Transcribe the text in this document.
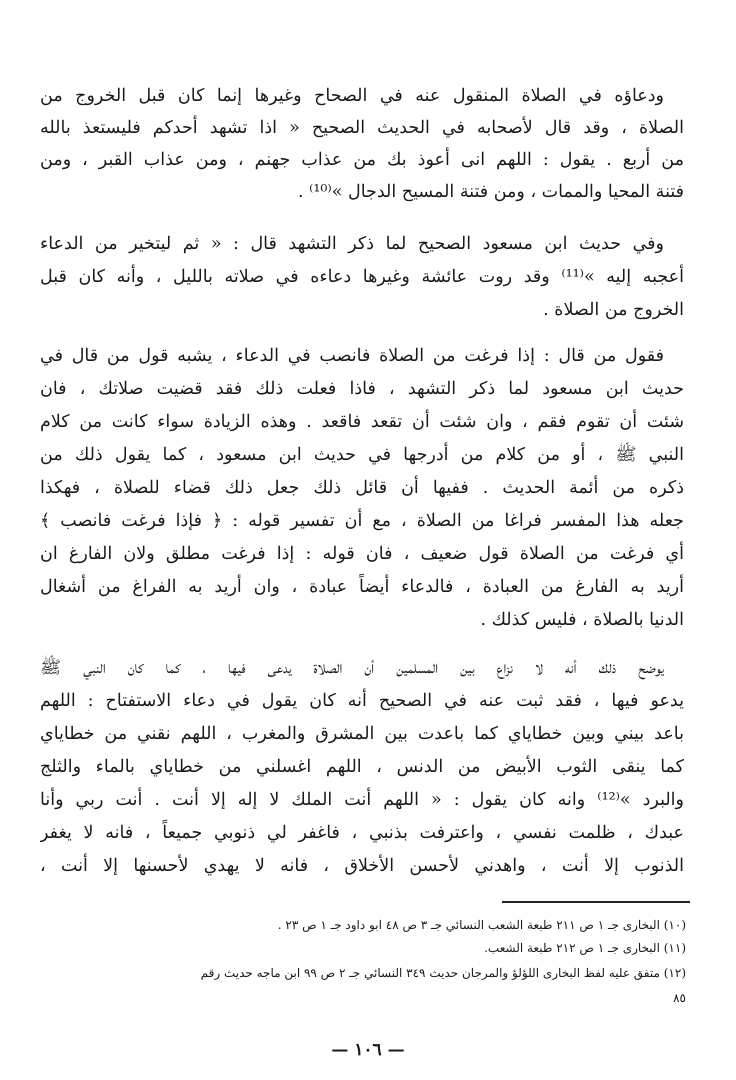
ودعاؤه في الصلاة المنقول عنه في الصحاح وغيرها إنما كان قبل الخروج من
الصلاة ، وقد قال لأصحابه في الحديث الصحيح « اذا تشهد أحدكم فليستعذ بالله
من أربع . يقول : اللهم انى أعوذ بك من عذاب جهنم ، ومن عذاب القبر ، ومن
فتنة المحيا والممات ، ومن فتنة المسيح الدجال »⁽¹⁰⁾ .
وفي حديث ابن مسعود الصحيح لما ذكر التشهد قال : « ثم ليتخير من الدعاء
أعجبه إليه »⁽¹¹⁾ وقد روت عائشة وغيرها دعاءه في صلاته بالليل ، وأنه كان قبل
الخروج من الصلاة .
فقول من قال : إذا فرغت من الصلاة فانصب في الدعاء ، يشبه قول من قال في
حديث ابن مسعود لما ذكر التشهد ، فاذا فعلت ذلك فقد قضيت صلاتك ، فان
شئت أن تقوم فقم ، وان شئت أن تقعد فاقعد . وهذه الزيادة سواء كانت من كلام
النبي ﷺ ، أو من كلام من أدرجها في حديث ابن مسعود ، كما يقول ذلك من
ذكره من أئمة الحديث . ففيها أن قائل ذلك جعل ذلك قضاء للصلاة ، فهكذا
جعله هذا المفسر فراغا من الصلاة ، مع أن تفسير قوله : ﴿ فإذا فرغت فانصب ﴾
أي فرغت من الصلاة قول ضعيف ، فان قوله : إذا فرغت مطلق ولان الفارغ ان
أريد به الفارغ من العبادة ، فالدعاء أيضاً عبادة ، وان أريد به الفراغ من أشغال
الدنيا بالصلاة ، فليس كذلك .
يوضح ذلك أنه لا نزاع بين المسلمين أن الصلاة يدعى فيها ، كما كان النبي ﷺ
يدعو فيها ، فقد ثبت عنه في الصحيح أنه كان يقول في دعاء الاستفتاح : اللهم
باعد بيني وبين خطاياي كما باعدت بين المشرق والمغرب ، اللهم نقني من خطاياي
كما ينقى الثوب الأبيض من الدنس ، اللهم اغسلني من خطاياي بالماء والثلج
والبرد »⁽¹²⁾ وانه كان يقول : « اللهم أنت الملك لا إله إلا أنت . أنت ربي وأنا
عبدك ، ظلمت نفسي ، واعترفت بذنبي ، فاغفر لي ذنوبي جميعاً ، فانه لا يغفر
الذنوب إلا أنت ، واهدني لأحسن الأخلاق ، فانه لا يهدي لأحسنها إلا أنت ،
(١٠) البخارى جـ ١ ص ٢١١ طبعة الشعب النسائي جـ ٣ ص ٤٨ ابو داود جـ ١ ص ٢٣ .
(١١) البخارى جـ ١ ص ٢١٢ طبعة الشعب.
(١٢) متفق عليه لفظ البخارى اللؤلؤ والمرجان حديث ٣٤٩ النسائي جـ ٢ ص ٩٩ ابن ماجه حديث رقم
٨٥
— ١٠٦ —
